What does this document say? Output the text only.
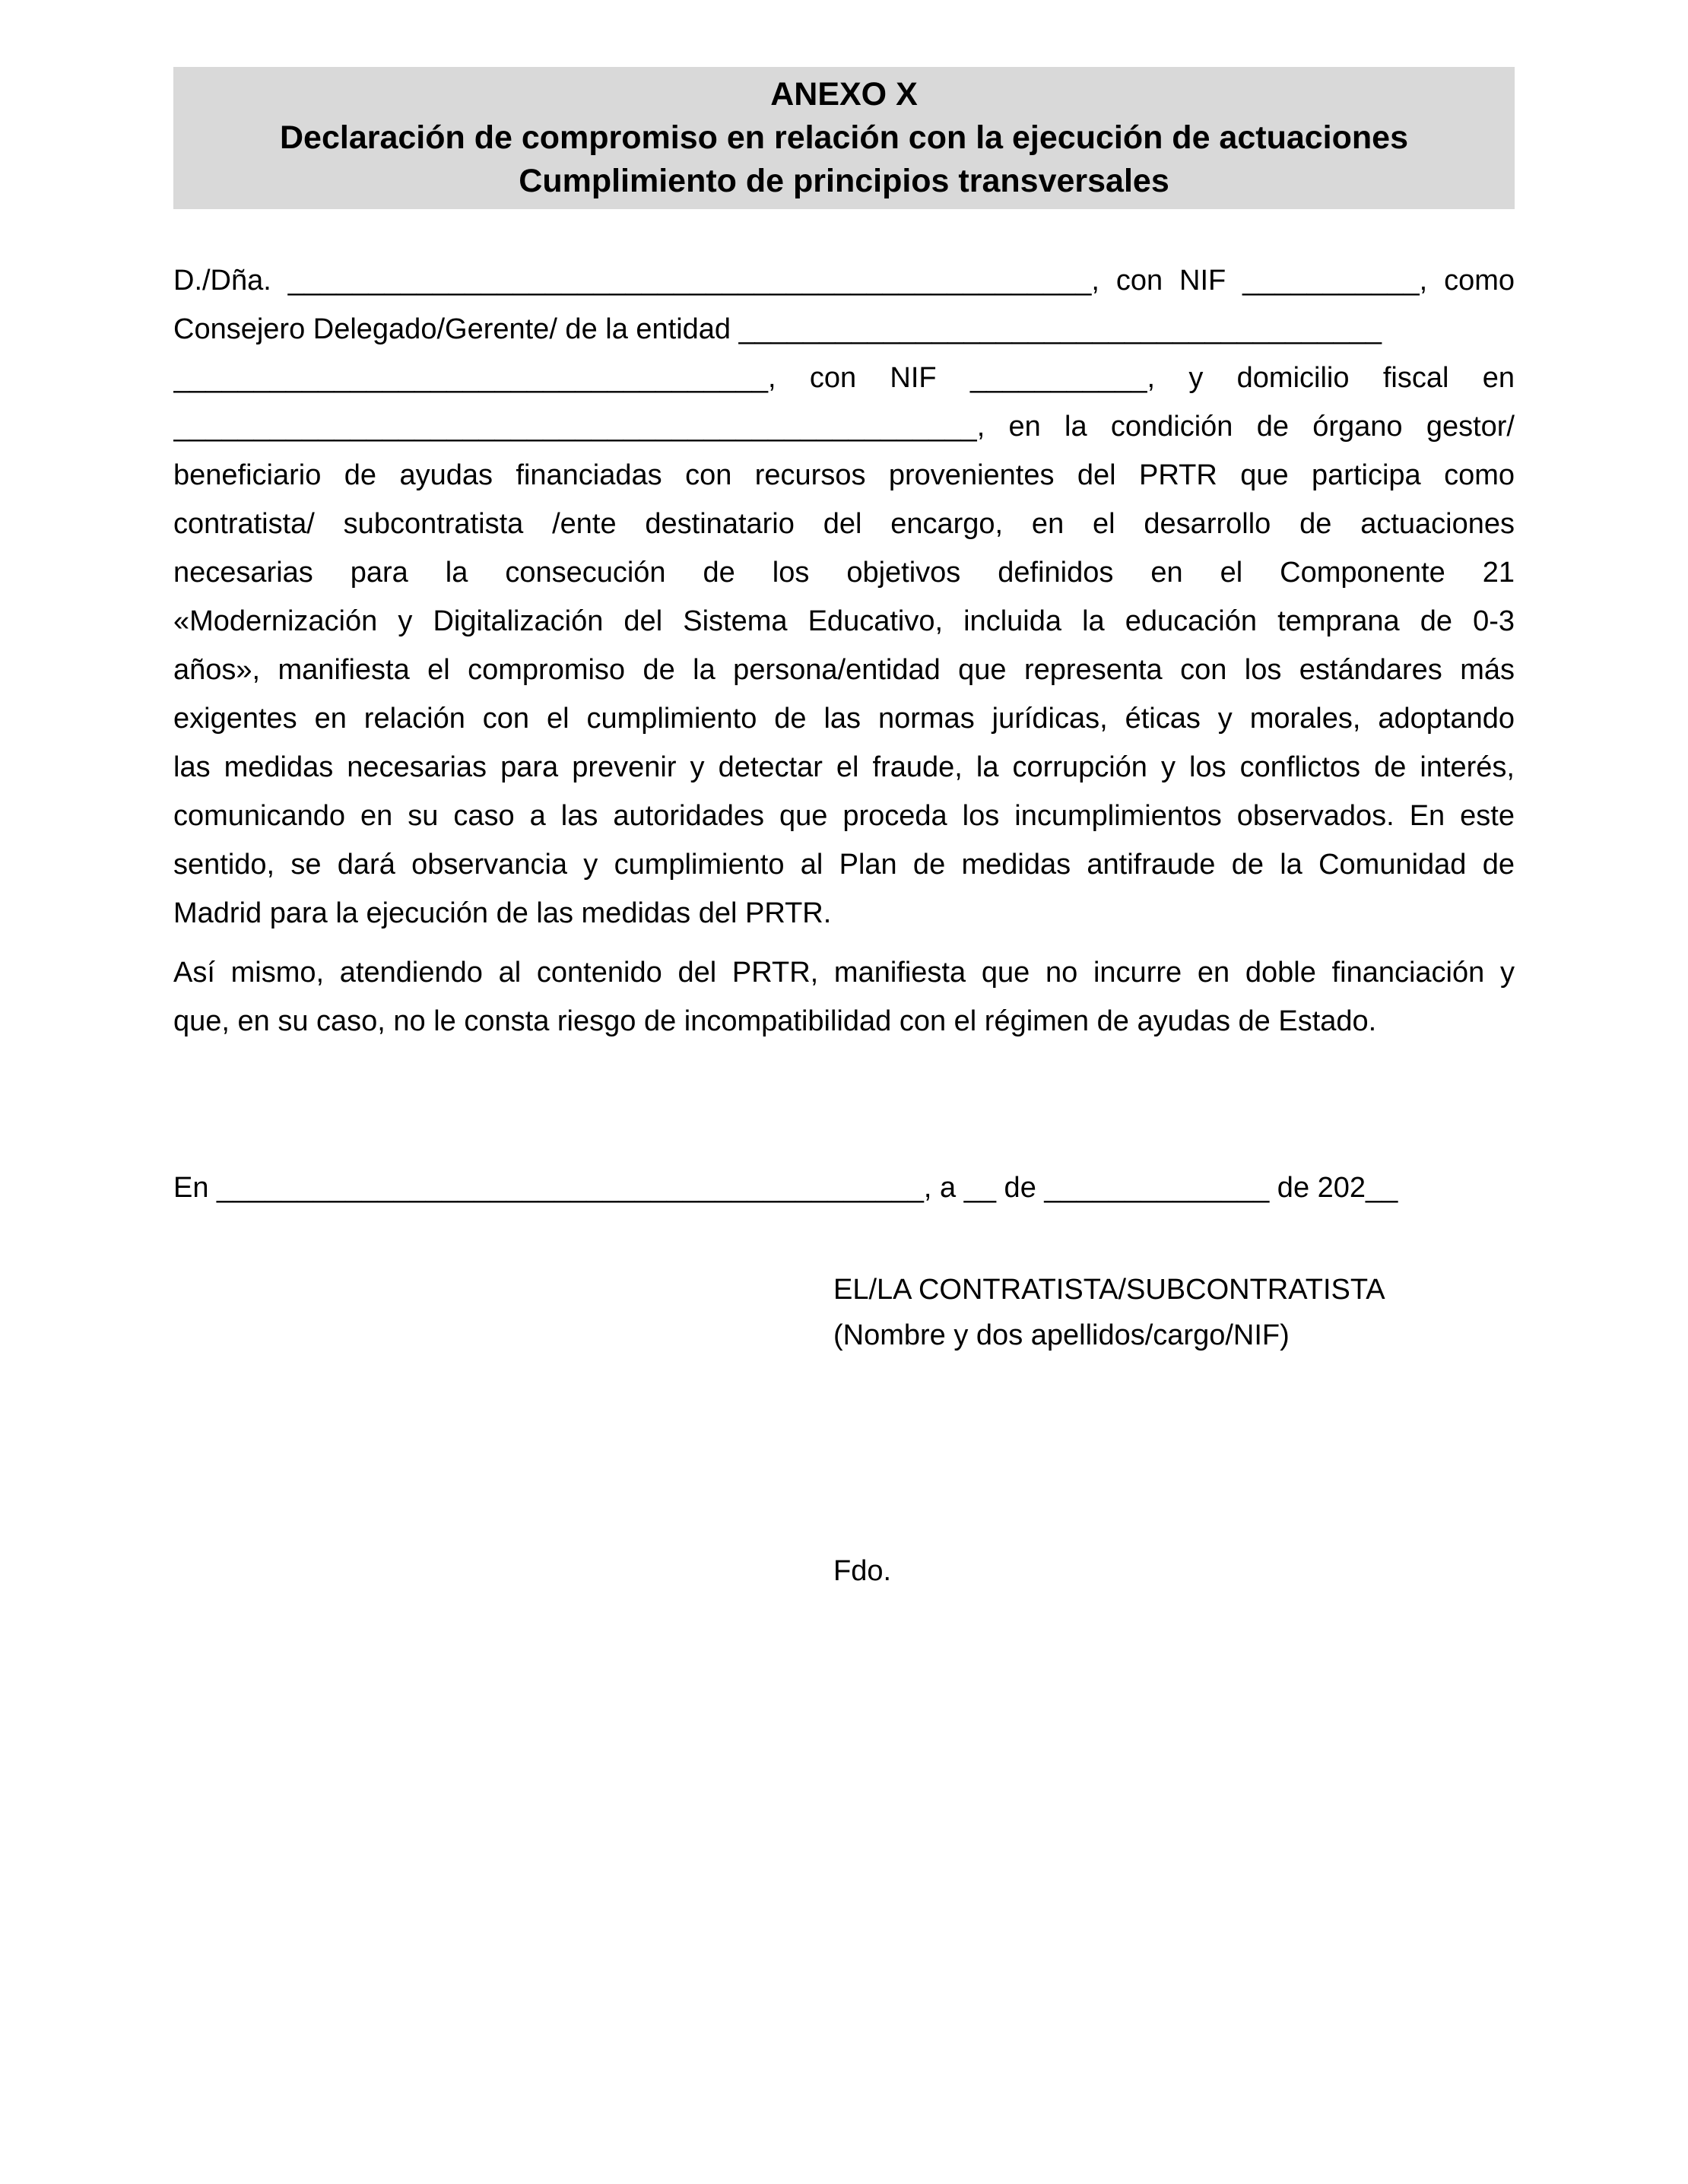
ANEXO X
Declaración de compromiso en relación con la ejecución de actuaciones
Cumplimiento de principios transversales
D./Dña. __________________________________________________, con NIF ___________, como
Consejero Delegado/Gerente/ de la entidad ________________________________________
_____________________________________, con NIF ___________, y domicilio fiscal en
__________________________________________________, en la condición de órgano gestor/
beneficiario de ayudas financiadas con recursos provenientes del PRTR que participa como
contratista/ subcontratista /ente destinatario del encargo, en el desarrollo de actuaciones
necesarias para la consecución de los objetivos definidos en el Componente 21
«Modernización y Digitalización del Sistema Educativo, incluida la educación temprana de 0-3
años», manifiesta el compromiso de la persona/entidad que representa con los estándares más
exigentes en relación con el cumplimiento de las normas jurídicas, éticas y morales, adoptando
las medidas necesarias para prevenir y detectar el fraude, la corrupción y los conflictos de interés,
comunicando en su caso a las autoridades que proceda los incumplimientos observados. En este
sentido, se dará observancia y cumplimiento al Plan de medidas antifraude de la Comunidad de
Madrid para la ejecución de las medidas del PRTR.
Así mismo, atendiendo al contenido del PRTR, manifiesta que no incurre en doble financiación y
que, en su caso, no le consta riesgo de incompatibilidad con el régimen de ayudas de Estado.
En ____________________________________________, a __ de ______________ de 202__
EL/LA CONTRATISTA/SUBCONTRATISTA
(Nombre y dos apellidos/cargo/NIF)
Fdo.
